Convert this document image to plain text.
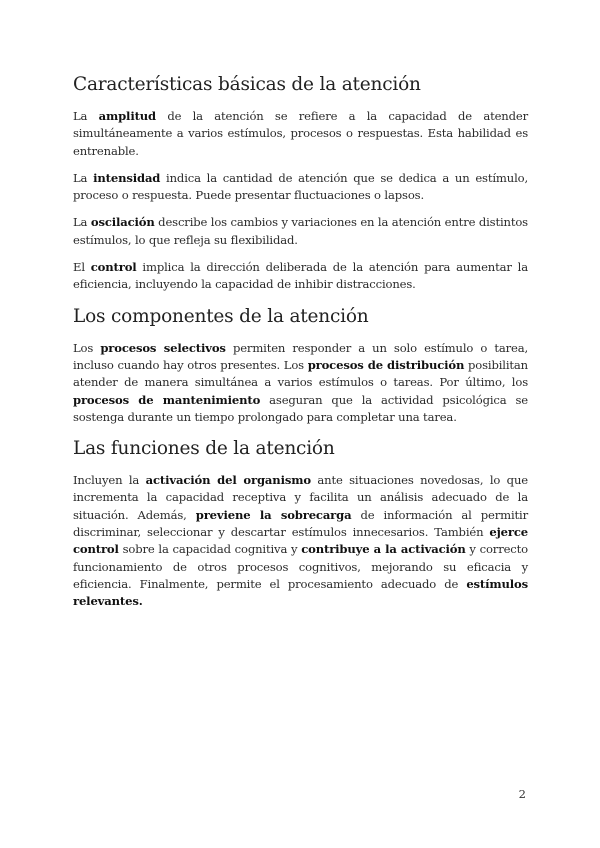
Características básicas de la atención

La amplitud de la atención se refiere a la capacidad de atender simultáneamente a varios estímulos, procesos o respuestas. Esta habilidad es entrenable.

La intensidad indica la cantidad de atención que se dedica a un estímulo, proceso o respuesta. Puede presentar fluctuaciones o lapsos.

La oscilación describe los cambios y variaciones en la atención entre distintos estímulos, lo que refleja su flexibilidad.

El control implica la dirección deliberada de la atención para aumentar la eficiencia, incluyendo la capacidad de inhibir distracciones.

Los componentes de la atención

Los procesos selectivos permiten responder a un solo estímulo o tarea, incluso cuando hay otros presentes. Los procesos de distribución posibilitan atender de manera simultánea a varios estímulos o tareas. Por último, los procesos de mantenimiento aseguran que la actividad psicológica se sostenga durante un tiempo prolongado para completar una tarea.

Las funciones de la atención

Incluyen la activación del organismo ante situaciones novedosas, lo que incrementa la capacidad receptiva y facilita un análisis adecuado de la situación. Además, previene la sobrecarga de información al permitir discriminar, seleccionar y descartar estímulos innecesarios. También ejerce control sobre la capacidad cognitiva y contribuye a la activación y correcto funcionamiento de otros procesos cognitivos, mejorando su eficacia y eficiencia. Finalmente, permite el procesamiento adecuado de estímulos relevantes.

2
